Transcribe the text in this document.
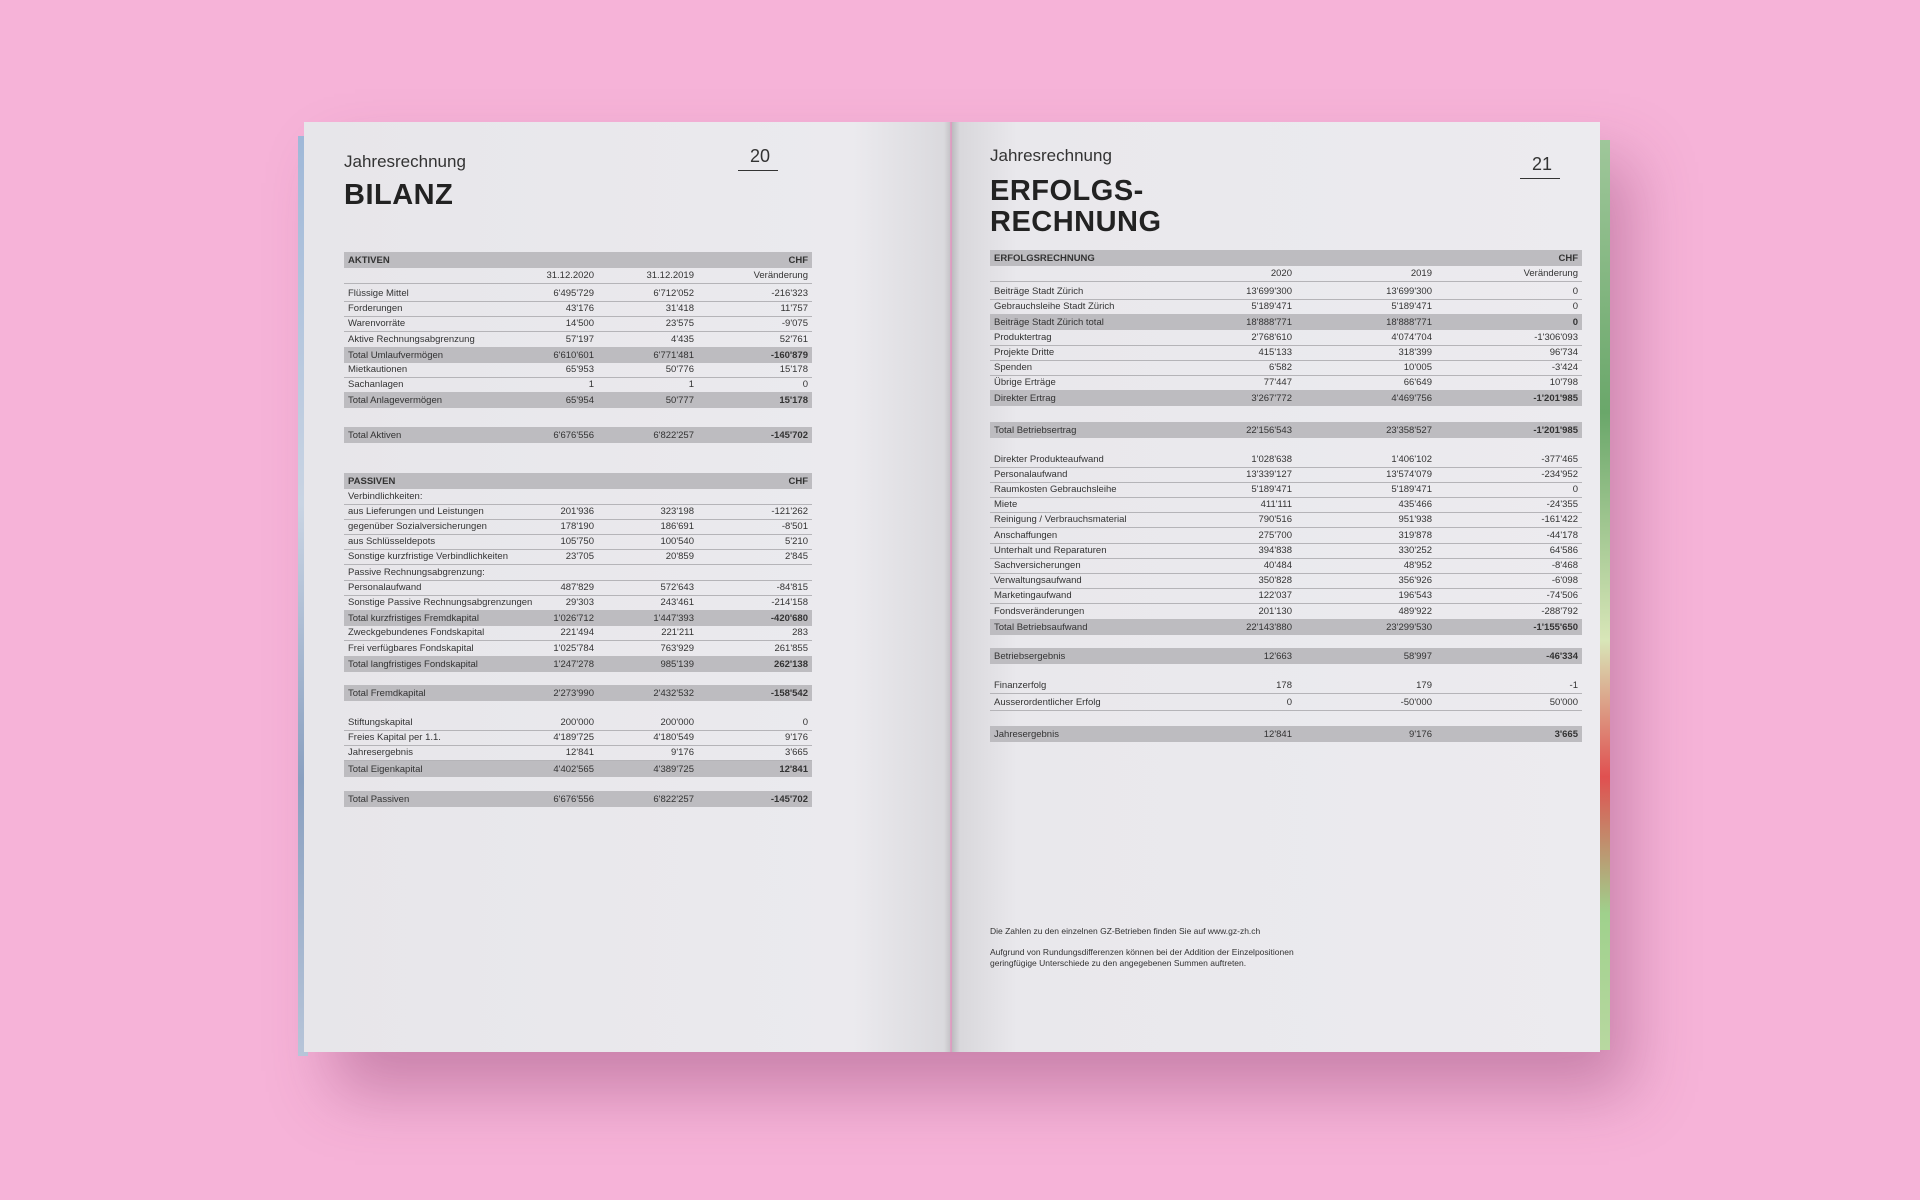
Jahresrechnung
BILANZ
20
AKTIVEN	CHF
31.12.2020	31.12.2019	Veränderung
Flüssige Mittel	6'495'729	6'712'052	-216'323
Forderungen	43'176	31'418	11'757
Warenvorräte	14'500	23'575	-9'075
Aktive Rechnungsabgrenzung	57'197	4'435	52'761
Total Umlaufvermögen	6'610'601	6'771'481	-160'879
Mietkautionen	65'953	50'776	15'178
Sachanlagen	1	1	0
Total Anlagevermögen	65'954	50'777	15'178
Total Aktiven	6'676'556	6'822'257	-145'702
PASSIVEN	CHF
Verbindlichkeiten:
aus Lieferungen und Leistungen	201'936	323'198	-121'262
gegenüber Sozialversicherungen	178'190	186'691	-8'501
aus Schlüsseldepots	105'750	100'540	5'210
Sonstige kurzfristige Verbindlichkeiten	23'705	20'859	2'845
Passive Rechnungsabgrenzung:
Personalaufwand	487'829	572'643	-84'815
Sonstige Passive Rechnungsabgrenzungen	29'303	243'461	-214'158
Total kurzfristiges Fremdkapital	1'026'712	1'447'393	-420'680
Zweckgebundenes Fondskapital	221'494	221'211	283
Frei verfügbares Fondskapital	1'025'784	763'929	261'855
Total langfristiges Fondskapital	1'247'278	985'139	262'138
Total Fremdkapital	2'273'990	2'432'532	-158'542
Stiftungskapital	200'000	200'000	0
Freies Kapital per 1.1.	4'189'725	4'180'549	9'176
Jahresergebnis	12'841	9'176	3'665
Total Eigenkapital	4'402'565	4'389'725	12'841
Total Passiven	6'676'556	6'822'257	-145'702
Jahresrechnung
ERFOLGS-
RECHNUNG
21
ERFOLGSRECHNUNG	CHF
2020	2019	Veränderung
Beiträge Stadt Zürich	13'699'300	13'699'300	0
Gebrauchsleihe Stadt Zürich	5'189'471	5'189'471	0
Beiträge Stadt Zürich total	18'888'771	18'888'771	0
Produktertrag	2'768'610	4'074'704	-1'306'093
Projekte Dritte	415'133	318'399	96'734
Spenden	6'582	10'005	-3'424
Übrige Erträge	77'447	66'649	10'798
Direkter Ertrag	3'267'772	4'469'756	-1'201'985
Total Betriebsertrag	22'156'543	23'358'527	-1'201'985
Direkter Produkteaufwand	1'028'638	1'406'102	-377'465
Personalaufwand	13'339'127	13'574'079	-234'952
Raumkosten Gebrauchsleihe	5'189'471	5'189'471	0
Miete	411'111	435'466	-24'355
Reinigung / Verbrauchsmaterial	790'516	951'938	-161'422
Anschaffungen	275'700	319'878	-44'178
Unterhalt und Reparaturen	394'838	330'252	64'586
Sachversicherungen	40'484	48'952	-8'468
Verwaltungsaufwand	350'828	356'926	-6'098
Marketingaufwand	122'037	196'543	-74'506
Fondsveränderungen	201'130	489'922	-288'792
Total Betriebsaufwand	22'143'880	23'299'530	-1'155'650
Betriebsergebnis	12'663	58'997	-46'334
Finanzerfolg	178	179	-1
Ausserordentlicher Erfolg	0	-50'000	50'000
Jahresergebnis	12'841	9'176	3'665
Die Zahlen zu den einzelnen GZ-Betrieben finden Sie auf www.gz-zh.ch
Aufgrund von Rundungsdifferenzen können bei der Addition der Einzelpositionen
geringfügige Unterschiede zu den angegebenen Summen auftreten.
